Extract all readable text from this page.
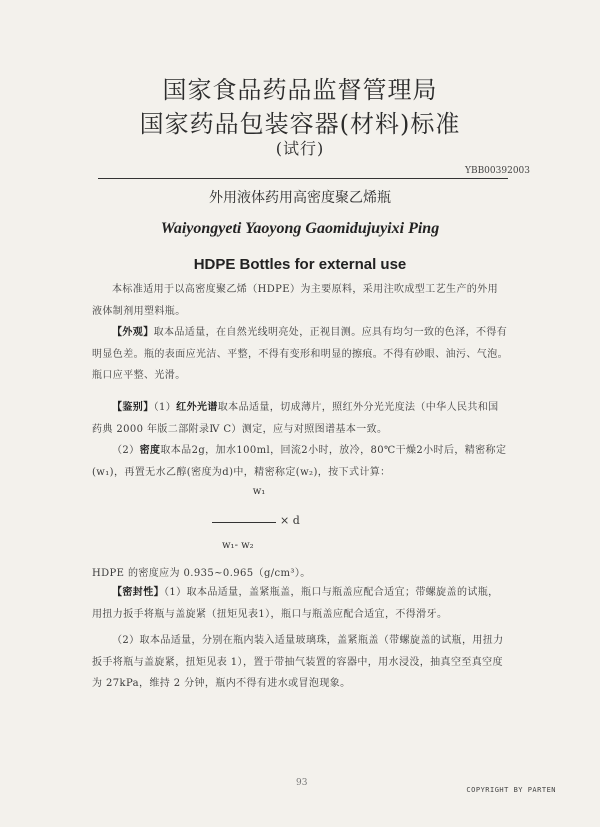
国家食品药品监督管理局
国家药品包装容器(材料)标准
(试行)
YBB00392003
外用液体药用高密度聚乙烯瓶
Waiyongyeti Yaoyong Gaomidujuyixi Ping
HDPE Bottles for external use
本标准适用于以高密度聚乙烯（HDPE）为主要原料，采用注吹成型工艺生产的外用液体制剂用塑料瓶。
【外观】取本品适量，在自然光线明亮处，正视目测。应具有均匀一致的色泽，不得有明显色差。瓶的表面应光洁、平整，不得有变形和明显的擦痕。不得有砂眼、油污、气泡。瓶口应平整、光滑。
【鉴别】（1）红外光谱取本品适量，切成薄片，照红外分光光度法（中华人民共和国药典 2000 年版二部附录Ⅳ C）测定，应与对照图谱基本一致。
（2）密度取本品2g，加水100ml，回流2小时，放冷，80℃干燥2小时后，精密称定(w₁)，再置无水乙醇(密度为d)中，精密称定(w₂)，按下式计算：
w₁
× d
w₁- w₂
HDPE 的密度应为 0.935~0.965（g/cm³）。
【密封性】（1）取本品适量，盖紧瓶盖，瓶口与瓶盖应配合适宜；带螺旋盖的试瓶，用扭力扳手将瓶与盖旋紧（扭矩见表1），瓶口与瓶盖应配合适宜，不得滑牙。
（2）取本品适量，分别在瓶内装入适量玻璃珠，盖紧瓶盖（带螺旋盖的试瓶，用扭力扳手将瓶与盖旋紧，扭矩见表 1），置于带抽气装置的容器中，用水浸没，抽真空至真空度为 27kPa，维持 2 分钟，瓶内不得有进水或冒泡现象。
93
COPYRIGHT BY PARTEN
